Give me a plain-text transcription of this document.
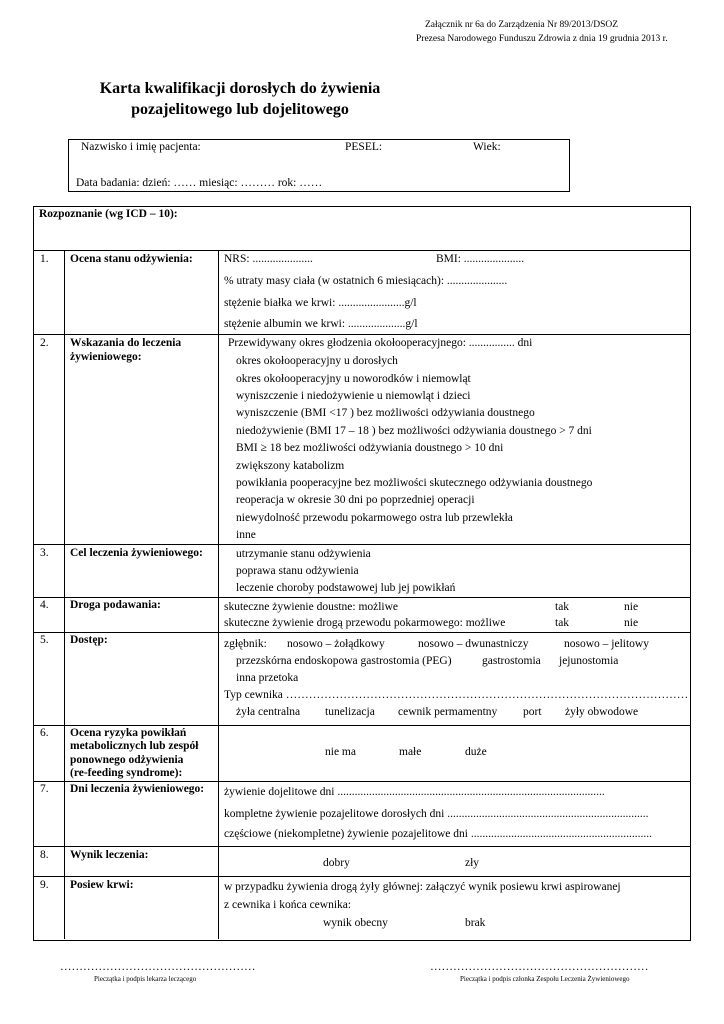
Załącznik nr 6a do Zarządzenia Nr 89/2013/DSOZ
Prezesa Narodowego Funduszu Zdrowia z dnia 19 grudnia 2013 r.
Karta kwalifikacji dorosłych do żywienia
pozajelitowego lub dojelitowego
Nazwisko i imię pacjenta:	PESEL:	Wiek:
Data badania: dzień: …… miesiąc: ……… rok: ……
Rozpoznanie (wg ICD – 10):
1. Ocena stanu odżywienia:	NRS: .....................	BMI: .....................
% utraty masy ciała (w ostatnich 6 miesiącach): .....................
stężenie białka we krwi: .......................g/l
stężenie albumin we krwi: ....................g/l
2. Wskazania do leczenia
żywieniowego:
Przewidywany okres głodzenia okołooperacyjnego: ................ dni
okres okołooperacyjny u dorosłych
okres okołooperacyjny u noworodków i niemowląt
wyniszczenie i niedożywienie u niemowląt i dzieci
wyniszczenie (BMI <17 ) bez możliwości odżywiania doustnego
niedożywienie (BMI 17 – 18 ) bez możliwości odżywiania doustnego > 7 dni
BMI ≥ 18 bez możliwości odżywiania doustnego > 10 dni
zwiększony katabolizm
powikłania pooperacyjne bez możliwości skutecznego odżywiania doustnego
reoperacja w okresie 30 dni po poprzedniej operacji
niewydolność przewodu pokarmowego ostra lub przewlekła
inne
3. Cel leczenia żywieniowego:	utrzymanie stanu odżywienia
poprawa stanu odżywienia
leczenie choroby podstawowej lub jej powikłań
4. Droga podawania:	skuteczne żywienie doustne: możliwe	tak	nie
skuteczne żywienie drogą przewodu pokarmowego: możliwe	tak	nie
5. Dostęp:	zgłębnik: nosowo – żołądkowy	nosowo – dwunastniczy	nosowo – jelitowy
przezskórna endoskopowa gastrostomia (PEG)	gastrostomia jejunostomia
inna przetoka
Typ cewnika ……………………………………………………………………………………………
żyła centralna tunelizacja cewnik permamentny port żyły obwodowe
6. Ocena ryzyka powikłań
metabolicznych lub zespół
ponownego odżywienia
(re-feeding syndrome):
nie ma	małe	duże
7. Dni leczenia żywieniowego: żywienie dojelitowe dni .............................................................................................
kompletne żywienie pozajelitowe dorosłych dni ......................................................................
częściowe (niekompletne) żywienie pozajelitowe dni ...............................................................
8. Wynik leczenia:
dobry	zły
9. Posiew krwi:	w przypadku żywienia drogą żyły głównej: załączyć wynik posiewu krwi aspirowanej
z cewnika i końca cewnika:
wynik obecny	brak
……………………………………………
Pieczątka i podpis lekarza leczącego
…………………………………………………
Pieczątka i podpis członka Zespołu Leczenia Żywieniowego
